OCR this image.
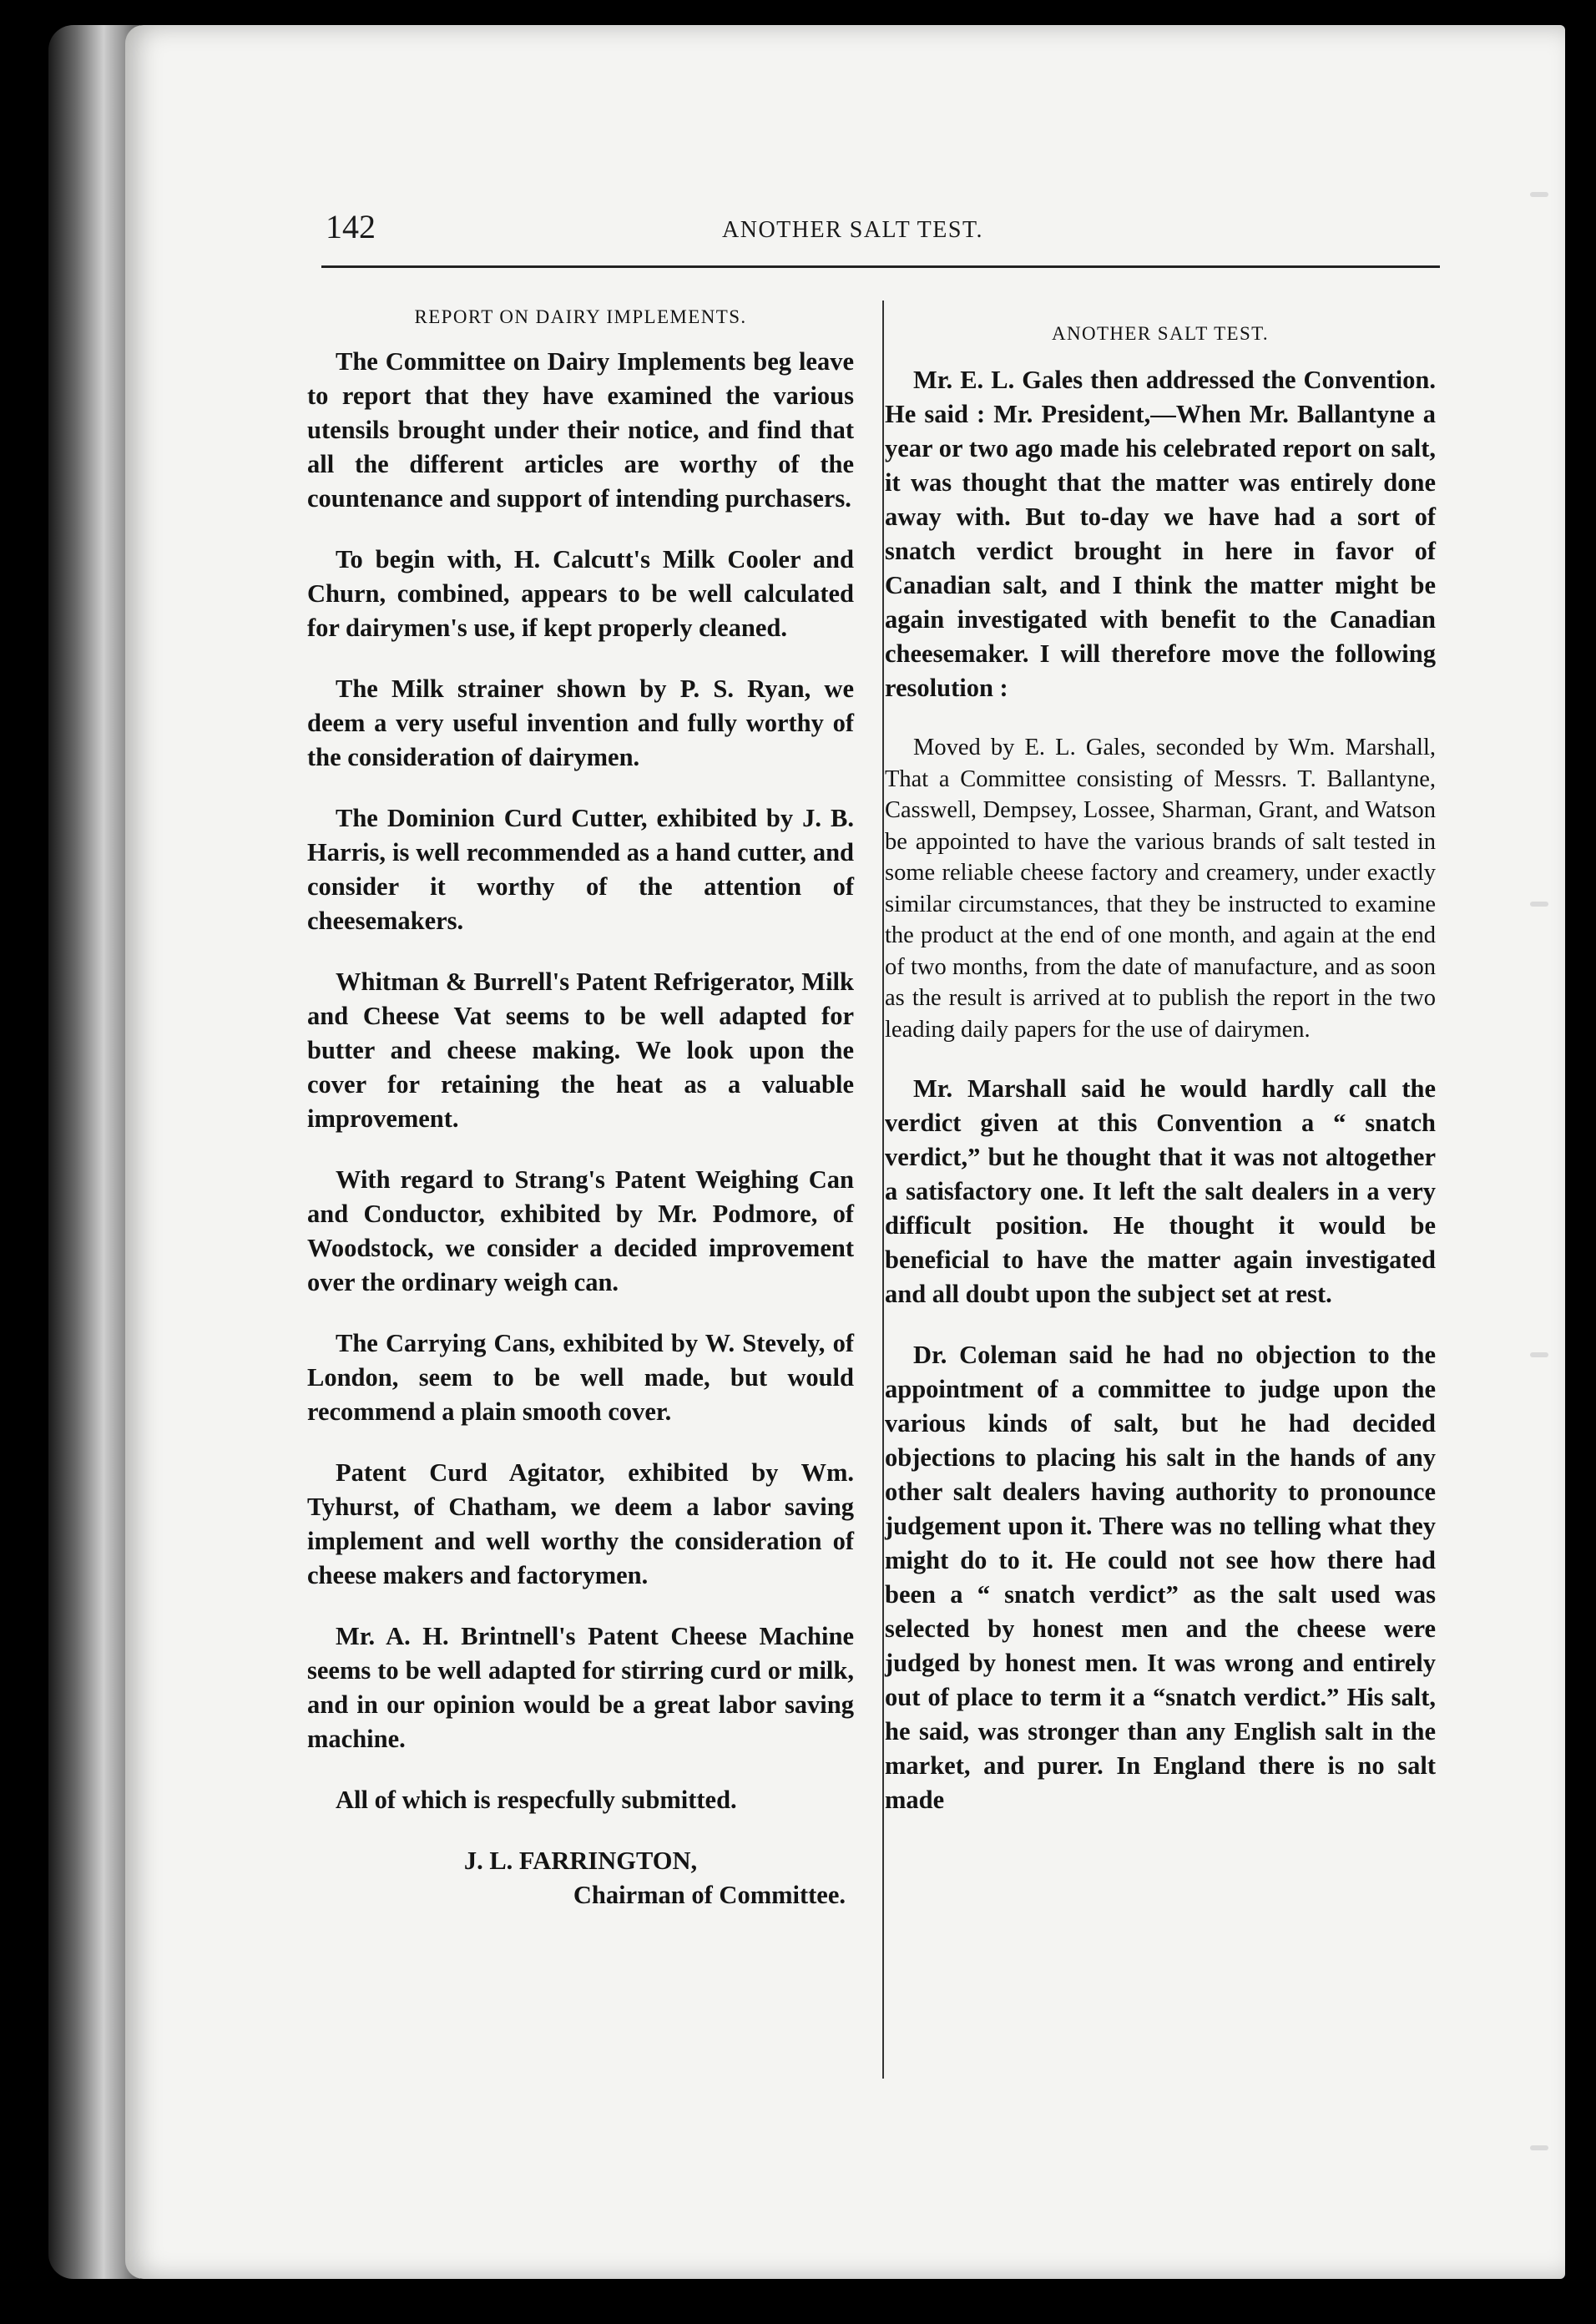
142	ANOTHER SALT TEST.
REPORT ON DAIRY IMPLEMENTS.

The Committee on Dairy Implements beg leave to report that they have examined the various utensils brought under their notice, and find that all the different articles are worthy of the countenance and support of intending purchasers.

To begin with, H. Calcutt's Milk Cooler and Churn, combined, appears to be well calculated for dairymen's use, if kept properly cleaned.

The Milk strainer shown by P. S. Ryan, we deem a very useful invention and fully worthy of the consideration of dairymen.

The Dominion Curd Cutter, exhibited by J. B. Harris, is well recommended as a hand cutter, and consider it worthy of the attention of cheesemakers.

Whitman & Burrell's Patent Refrigerator, Milk and Cheese Vat seems to be well adapted for butter and cheese making. We look upon the cover for retaining the heat as a valuable improvement.

With regard to Strang's Patent Weighing Can and Conductor, exhibited by Mr. Podmore, of Woodstock, we consider a decided improvement over the ordinary weigh can.

The Carrying Cans, exhibited by W. Stevely, of London, seem to be well made, but would recommend a plain smooth cover.

Patent Curd Agitator, exhibited by Wm. Tyhurst, of Chatham, we deem a labor saving implement and well worthy the consideration of cheese makers and factorymen.

Mr. A. H. Brintnell's Patent Cheese Machine seems to be well adapted for stirring curd or milk, and in our opinion would be a great labor saving machine.

All of which is respecfully submitted.

J. L. FARRINGTON,

Chairman of Committee.

ANOTHER SALT TEST.

Mr. E. L. Gales then addressed the Convention. He said : Mr. President,—When Mr. Ballantyne a year or two ago made his celebrated report on salt, it was thought that the matter was entirely done away with. But to-day we have had a sort of snatch verdict brought in here in favor of Canadian salt, and I think the matter might be again investigated with benefit to the Canadian cheesemaker. I will therefore move the following resolution :

Moved by E. L. Gales, seconded by Wm. Marshall, That a Committee consisting of Messrs. T. Ballantyne, Casswell, Dempsey, Lossee, Sharman, Grant, and Watson be appointed to have the various brands of salt tested in some reliable cheese factory and creamery, under exactly similar circumstances, that they be instructed to examine the product at the end of one month, and again at the end of two months, from the date of manufacture, and as soon as the result is arrived at to publish the report in the two leading daily papers for the use of dairymen.

Mr. Marshall said he would hardly call the verdict given at this Convention a “ snatch verdict,” but he thought that it was not altogether a satisfactory one. It left the salt dealers in a very difficult position. He thought it would be beneficial to have the matter again investigated and all doubt upon the subject set at rest.

Dr. Coleman said he had no objection to the appointment of a committee to judge upon the various kinds of salt, but he had decided objections to placing his salt in the hands of any other salt dealers having authority to pronounce judgement upon it. There was no telling what they might do to it. He could not see how there had been a “ snatch verdict” as the salt used was selected by honest men and the cheese were judged by honest men. It was wrong and entirely out of place to term it a “snatch verdict.” His salt, he said, was stronger than any English salt in the market, and purer. In England there is no salt made
